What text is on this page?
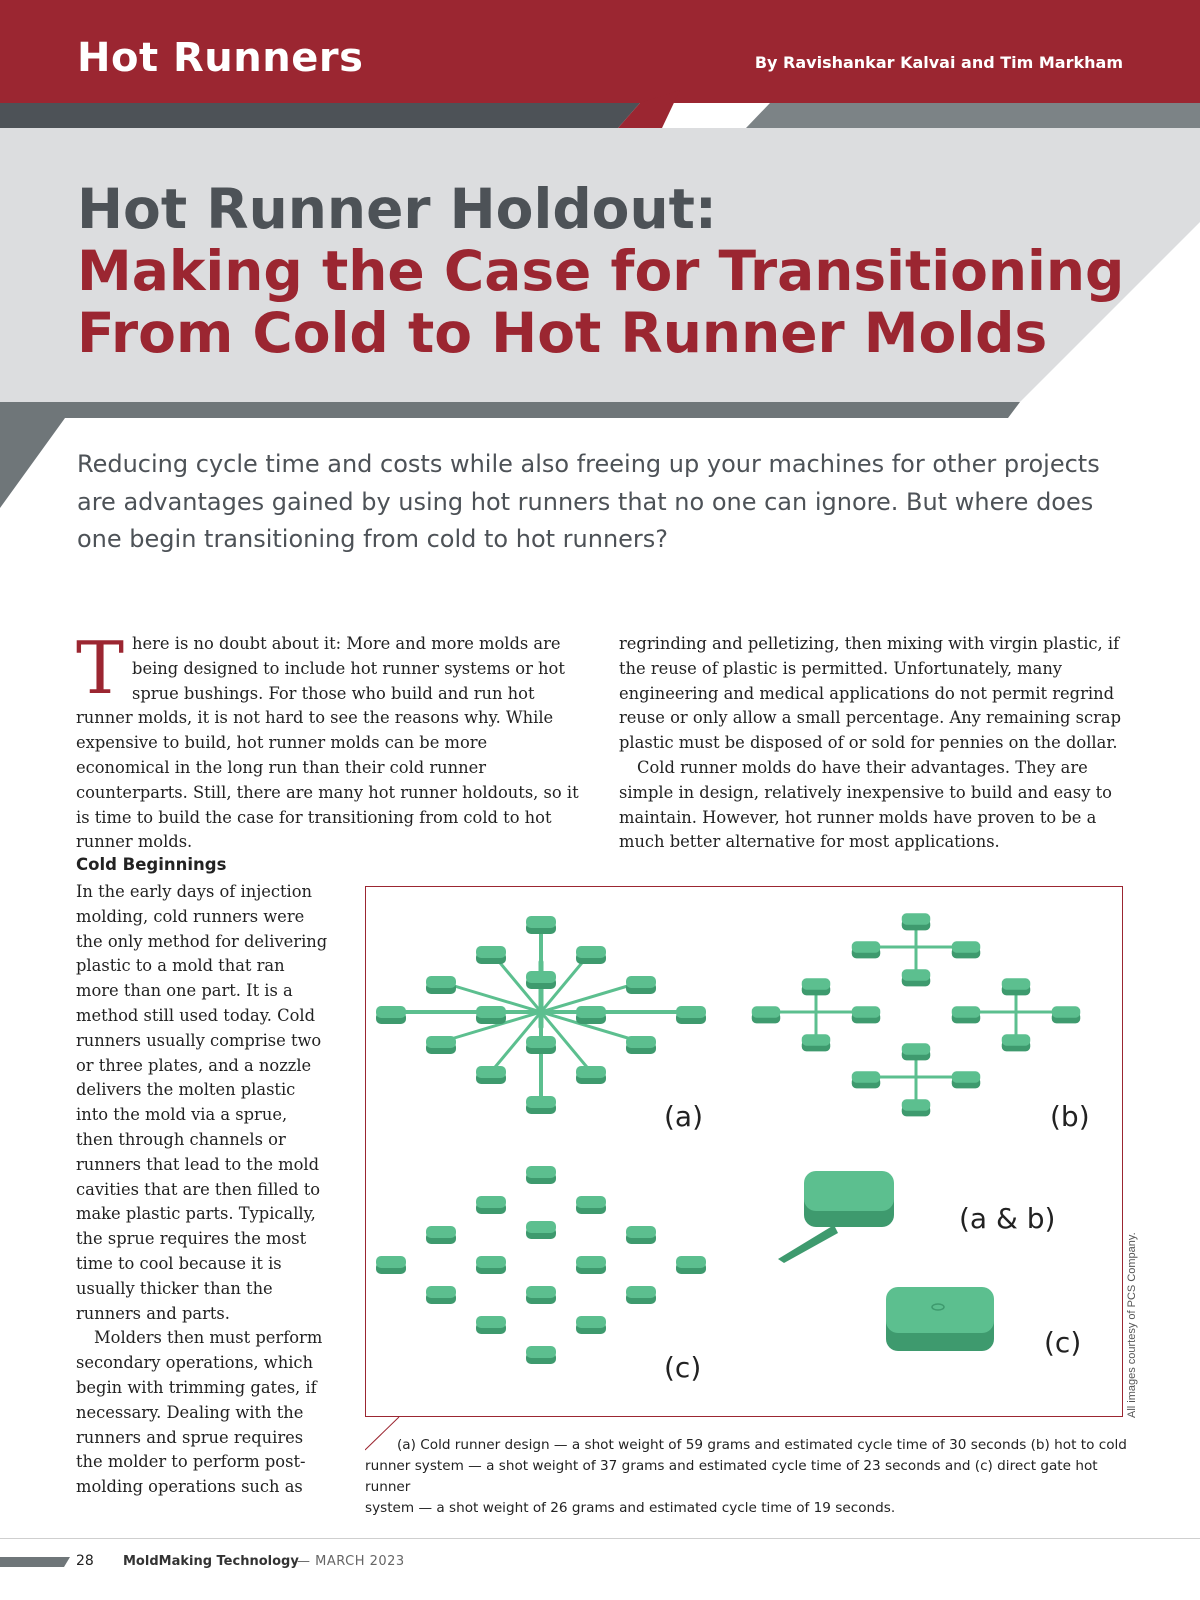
Hot Runners	By Ravishankar Kalvai and Tim Markham
Hot Runner Holdout:
Making the Case for Transitioning
From Cold to Hot Runner Molds
Reducing cycle time and costs while also freeing up your machines for other projects are advantages gained by using hot runners that no one can ignore. But where does one begin transitioning from cold to hot runners?
T here is no doubt about it: More and more molds are being designed to include hot runner systems or hot sprue bushings. For those who build and run hot runner molds, it is not hard to see the reasons why. While expensive to build, hot runner molds can be more economical in the long run than their cold runner counterparts. Still, there are many hot runner holdouts, so it is time to build the case for transitioning from cold to hot runner molds.
Cold Beginnings

In the early days of injection molding, cold runners were the only method for delivering plastic to a mold that ran more than one part. It is a method still used today. Cold runners usually comprise two or three plates, and a nozzle delivers the molten plastic into the mold via a sprue, then through channels or runners that lead to the mold cavities that are then filled to make plastic parts. Typically, the sprue requires the most time to cool because it is usually thicker than the runners and parts.

Molders then must perform secondary operations, which begin with trimming gates, if necessary. Dealing with the runners and sprue requires the molder to perform post-molding operations such as

regrinding and pelletizing, then mixing with virgin plastic, if the reuse of plastic is permitted. Unfortunately, many engineering and medical applications do not permit regrind reuse or only allow a small percentage. Any remaining scrap plastic must be disposed of or sold for pennies on the dollar.

Cold runner molds do have their advantages. They are simple in design, relatively inexpensive to build and easy to maintain. However, hot runner molds have proven to be a much better alternative for most applications.

(a)	(b)
(c)
(a & b)
(c)	All images courtesy of PCS Company.
(a) Cold runner design — a shot weight of 59 grams and estimated cycle time of 30 seconds (b) hot to cold
runner system — a shot weight of 37 grams and estimated cycle time of 23 seconds and (c) direct gate hot runner
system — a shot weight of 26 grams and estimated cycle time of 19 seconds.
28 MoldMaking Technology
— MARCH 2023
